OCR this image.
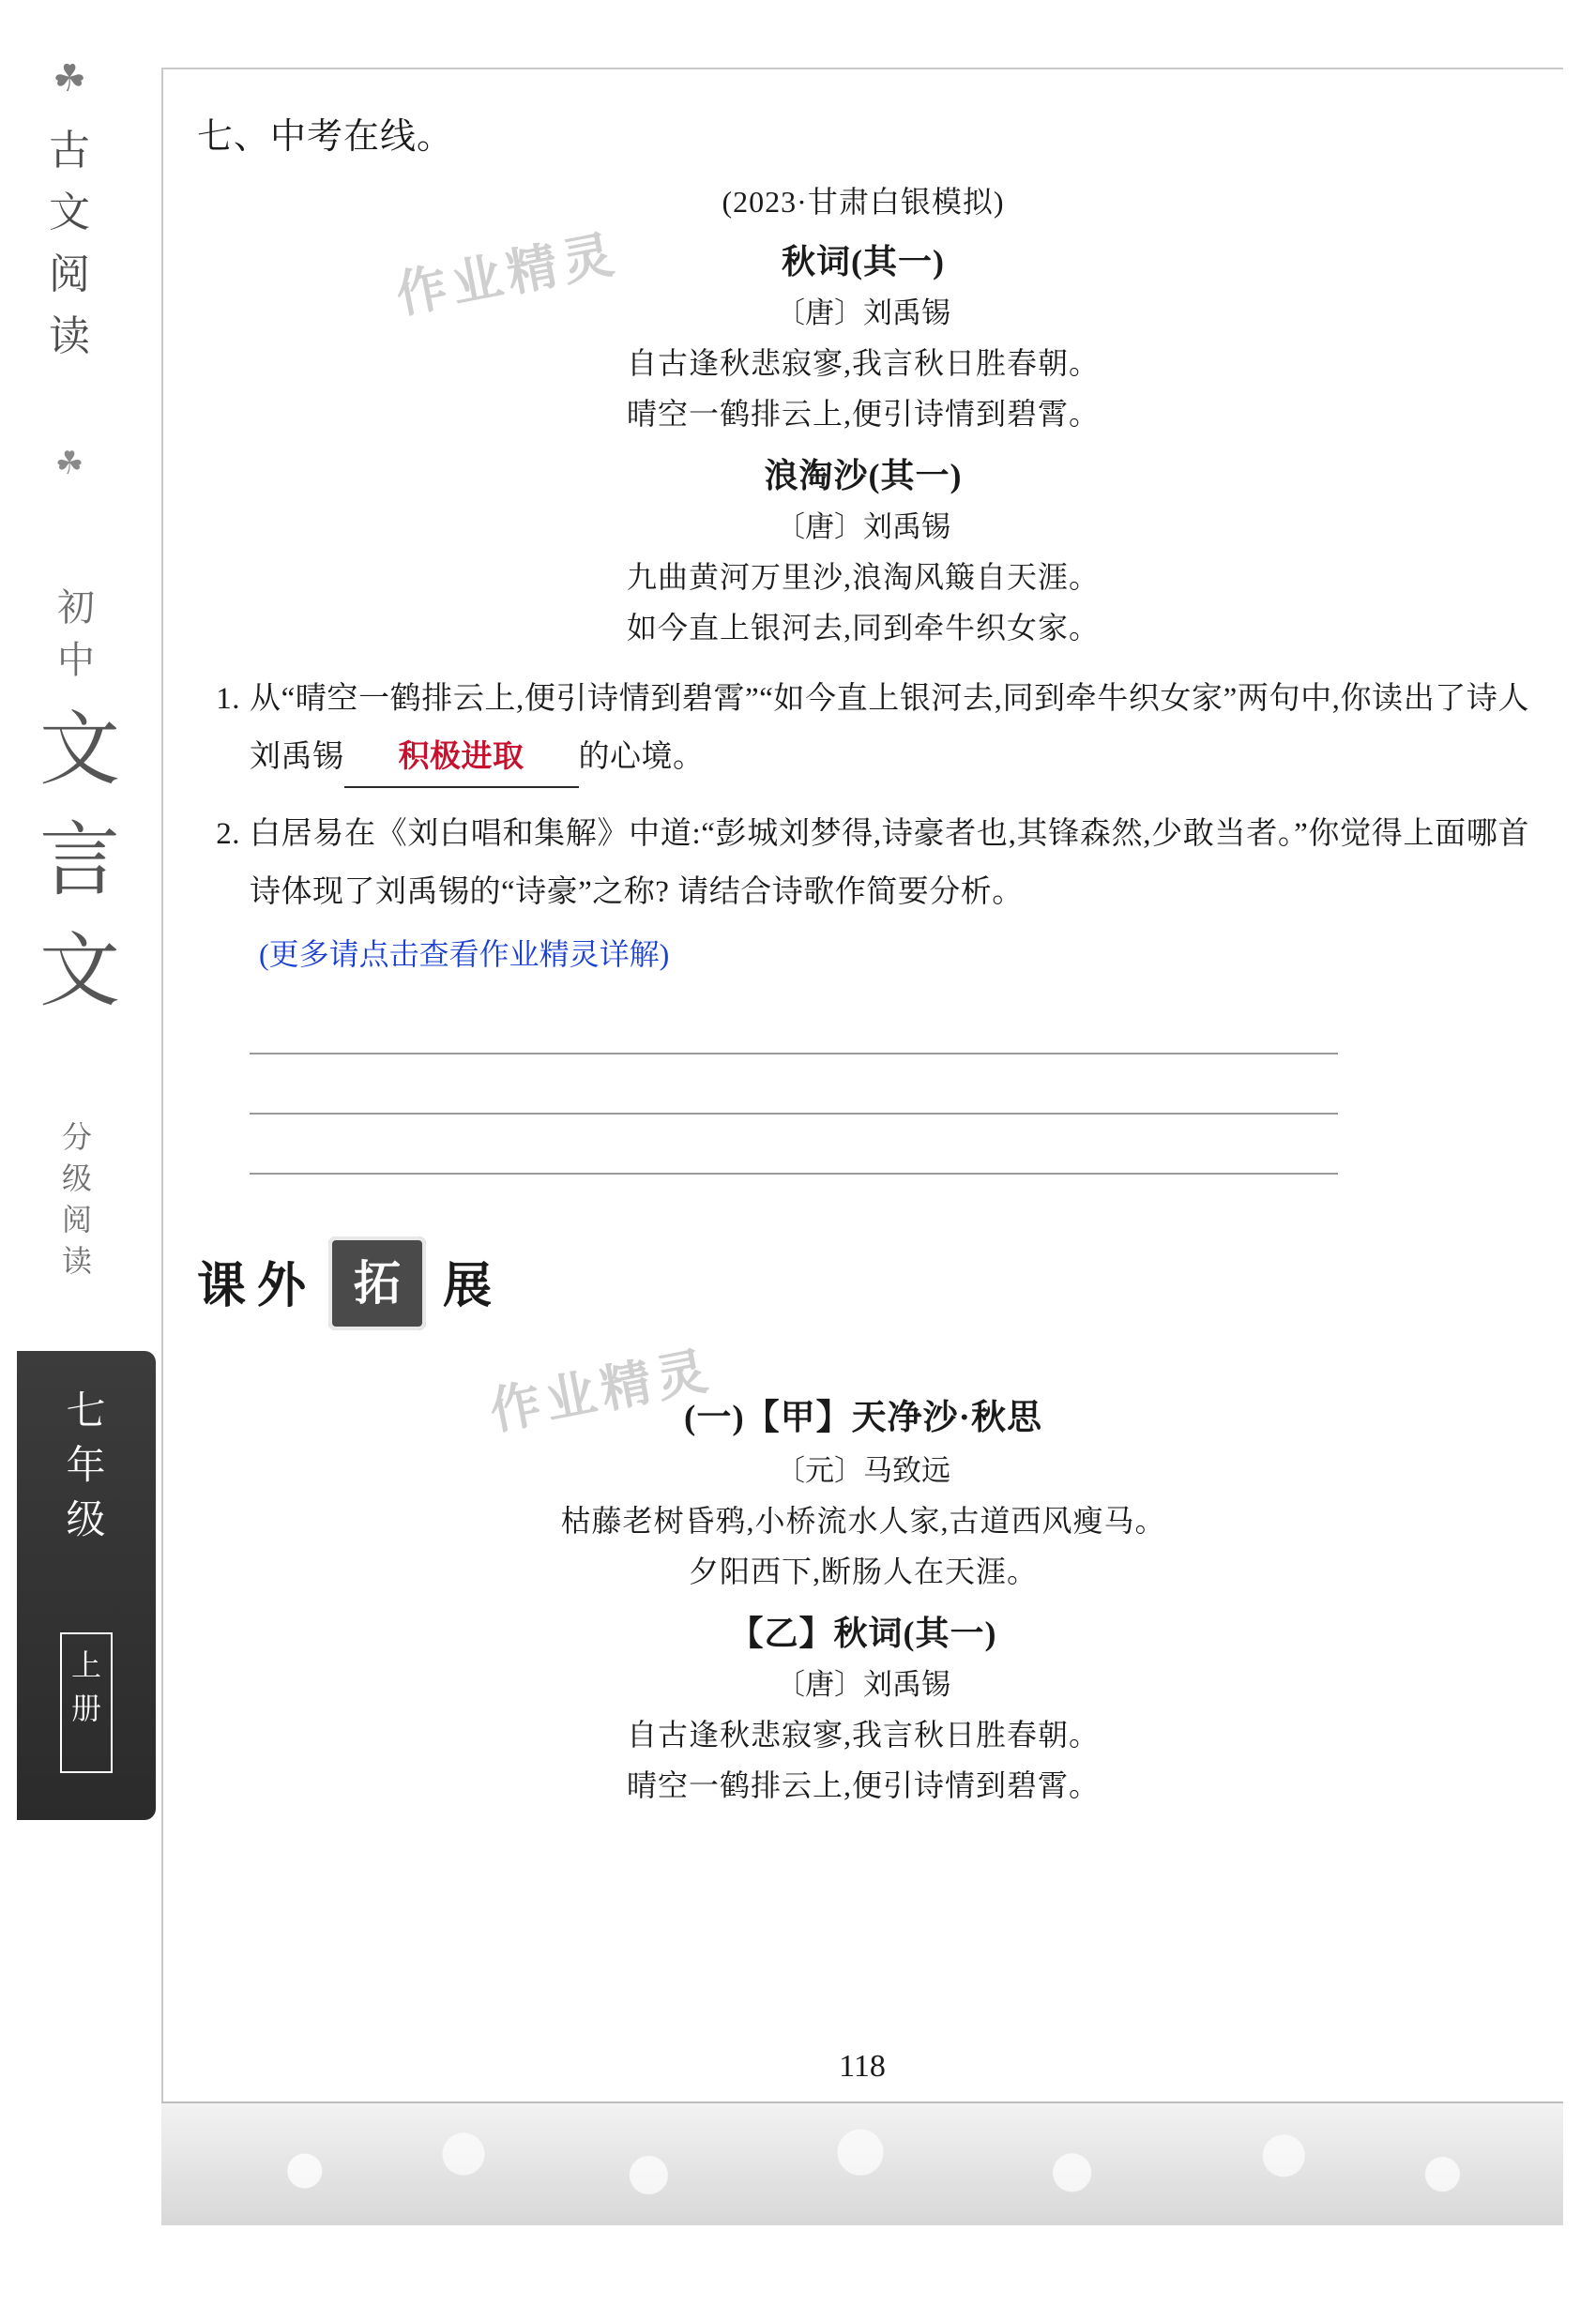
☘
古文阅读
☘
初中
文言文
分级阅读
七年级
上册
作业精灵
作业精灵

七、中考在线。

(2023·甘肃白银模拟)

秋词(其一)

〔唐〕刘禹锡

自古逢秋悲寂寥,我言秋日胜春朝。

晴空一鹤排云上,便引诗情到碧霄。

浪淘沙(其一)

〔唐〕刘禹锡

九曲黄河万里沙,浪淘风簸自天涯。

如今直上银河去,同到牵牛织女家。

1. 从“晴空一鹤排云上,便引诗情到碧霄”“如今直上银河去,同到牵牛织女家”两句中,你读出了诗人刘禹锡 积极进取 的心境。

2. 白居易在《刘白唱和集解》中道:“彭城刘梦得,诗豪者也,其锋森然,少敢当者。”你觉得上面哪首诗体现了刘禹锡的“诗豪”之称? 请结合诗歌作简要分析。

(更多请点击查看作业精灵详解)

课 外 拓 展

(一)【甲】天净沙·秋思

〔元〕马致远

枯藤老树昏鸦,小桥流水人家,古道西风瘦马。

夕阳西下,断肠人在天涯。

【乙】秋词(其一)

〔唐〕刘禹锡

自古逢秋悲寂寥,我言秋日胜春朝。

晴空一鹤排云上,便引诗情到碧霄。

118
